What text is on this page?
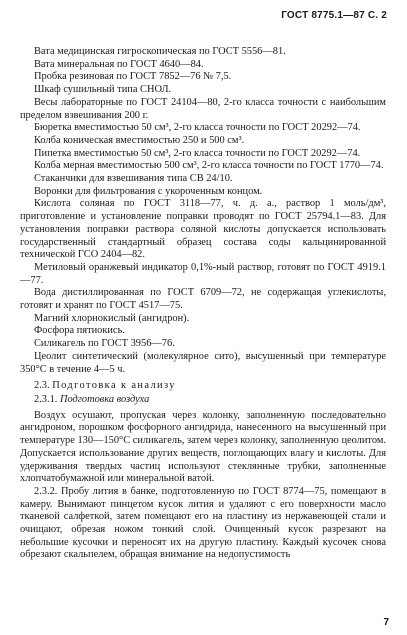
ГОСТ 8775.1—87 С. 2

Вата медицинская гигроскопическая по ГОСТ 5556—81.

Вата минеральная по ГОСТ 4640—84.

Пробка резиновая по ГОСТ 7852—76 № 7,5.

Шкаф сушильный типа СНОЛ.

Весы лабораторные по ГОСТ 24104—80, 2-го класса точности с наибольшим пределом взвешивания 200 г.

Бюретка вместимостью 50 см³, 2-го класса точности по ГОСТ 20292—74.

Колба коническая вместимостью 250 и 500 см³.

Пипетка вместимостью 50 см³, 2-го класса точности по ГОСТ 20292—74.

Колба мерная вместимостью 500 см³, 2-го класса точности по ГОСТ 1770—74.

Стаканчики для взвешивания типа СВ 24/10.

Воронки для фильтрования с укороченным концом.

Кислота соляная по ГОСТ 3118—77, ч. д. а., раствор 1 моль/дм³, приготовление и установление поправки проводят по ГОСТ 25794.1—83. Для установления поправки раствора соляной кислоты допускается использовать государственный стандартный образец состава соды кальцинированной технической ГСО 2404—82.

Метиловый оранжевый индикатор 0,1%-ный раствор, готовят по ГОСТ 4919.1—77.

Вода дистиллированная по ГОСТ 6709—72, не содержащая углекислоты, готовят и хранят по ГОСТ 4517—75.

Магний хлорнокислый (ангидрон).

Фосфора пятиокись.

Силикагель по ГОСТ 3956—76.

Цеолит синтетический (молекулярное сито), высушенный при температуре 350°С в течение 4—5 ч.

2.3. Подготовка к анализу

2.3.1. Подготовка воздуха

Воздух осушают, пропуская через колонку, заполненную последовательно ангидроном, порошком фосфорного ангидрида, нанесенного на высушенный при температуре 130—150°С силикагель, затем через колонку, заполненную цеолитом. Допускается использование других веществ, поглощающих влагу и кислоты. Для удерживания твердых частиц используют стеклянные трубки, заполненные хлопчатобумажной или минеральной ватой.

2.3.2. Пробу лития в банке, подготовленную по ГОСТ 8774—75, помещают в камеру. Вынимают пинцетом кусок лития и удаляют с его поверхности масло тканевой салфеткой, затем помещают его на пластину из нержавеющей стали и очищают, обрезая ножом тонкий слой. Очищенный кусок разрезают на небольшие кусочки и переносят их на другую пластину. Каждый кусочек снова обрезают скальпелем, обращая внимание на недопустимость

7
